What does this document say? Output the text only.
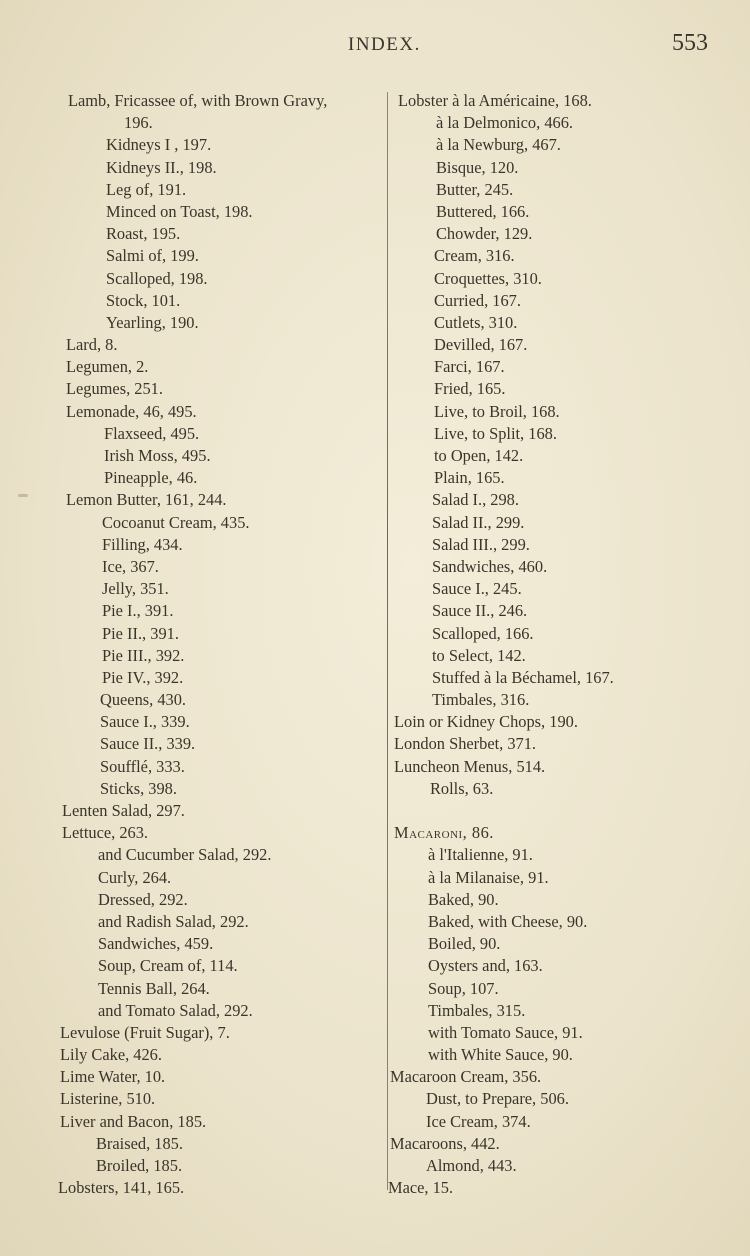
INDEX.	553
Lamb, Fricassee of, with Brown Gravy,
196.
Kidneys I , 197.
Kidneys II., 198.
Leg of, 191.
Minced on Toast, 198.
Roast, 195.
Salmi of, 199.
Scalloped, 198.
Stock, 101.
Yearling, 190.
Lard, 8.
Legumen, 2.
Legumes, 251.
Lemonade, 46, 495.
Flaxseed, 495.
Irish Moss, 495.
Pineapple, 46.
Lemon Butter, 161, 244.
Cocoanut Cream, 435.
Filling, 434.
Ice, 367.
Jelly, 351.
Pie I., 391.
Pie II., 391.
Pie III., 392.
Pie IV., 392.
Queens, 430.
Sauce I., 339.
Sauce II., 339.
Soufflé, 333.
Sticks, 398.
Lenten Salad, 297.
Lettuce, 263.
and Cucumber Salad, 292.
Curly, 264.
Dressed, 292.
and Radish Salad, 292.
Sandwiches, 459.
Soup, Cream of, 114.
Tennis Ball, 264.
and Tomato Salad, 292.
Levulose (Fruit Sugar), 7.
Lily Cake, 426.
Lime Water, 10.
Listerine, 510.
Liver and Bacon, 185.
Braised, 185.
Broiled, 185.
Lobsters, 141, 165.
Lobster à la Américaine, 168.
à la Delmonico, 466.
à la Newburg, 467.
Bisque, 120.
Butter, 245.
Buttered, 166.
Chowder, 129.
Cream, 316.
Croquettes, 310.
Curried, 167.
Cutlets, 310.
Devilled, 167.
Farci, 167.
Fried, 165.
Live, to Broil, 168.
Live, to Split, 168.
to Open, 142.
Plain, 165.
Salad I., 298.
Salad II., 299.
Salad III., 299.
Sandwiches, 460.
Sauce I., 245.
Sauce II., 246.
Scalloped, 166.
to Select, 142.
Stuffed à la Béchamel, 167.
Timbales, 316.
Loin or Kidney Chops, 190.
London Sherbet, 371.
Luncheon Menus, 514.
Rolls, 63.
Macaroni, 86.
à l'Italienne, 91.
à la Milanaise, 91.
Baked, 90.
Baked, with Cheese, 90.
Boiled, 90.
Oysters and, 163.
Soup, 107.
Timbales, 315.
with Tomato Sauce, 91.
with White Sauce, 90.
Macaroon Cream, 356.
Dust, to Prepare, 506.
Ice Cream, 374.
Macaroons, 442.
Almond, 443.
Mace, 15.
